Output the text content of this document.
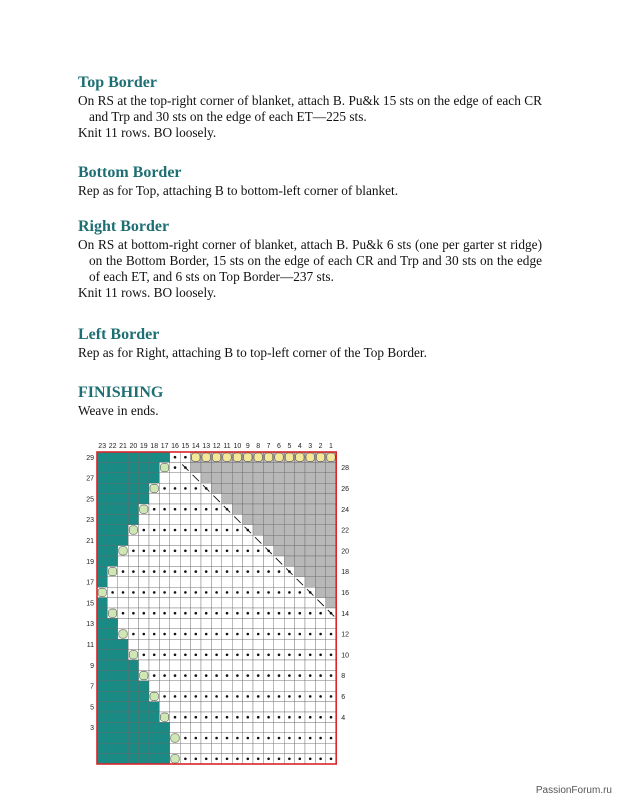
Top Border

On RS at the top-right corner of blanket, attach B. Pu&k 15 sts on the edge of each CR and Trp and 30 sts on the edge of each ET—225 sts.

Knit 11 rows. BO loosely.

Bottom Border

Rep as for Top, attaching B to bottom-left corner of blanket.

Right Border

On RS at bottom-right corner of blanket, attach B. Pu&k 6 sts (one per garter st ridge) on the Bottom Border, 15 sts on the edge of each CR and Trp and 30 sts on the edge of each ET, and 6 sts on Top Border—237 sts.

Knit 11 rows. BO loosely.

Left Border

Rep as for Right, attaching B to top-left corner of the Top Border.

FINISHING

Weave in ends.

23 22 21 20 19 18 17 16 15 14 13 12 11 10 9 8 7 6 5 4 3 2 1
29
27
25
23
21
19
17
15
13
11
9
7
5
3
28
26
24
22
20
18
16
14
12
10
8
6
4
PassionForum.ru
